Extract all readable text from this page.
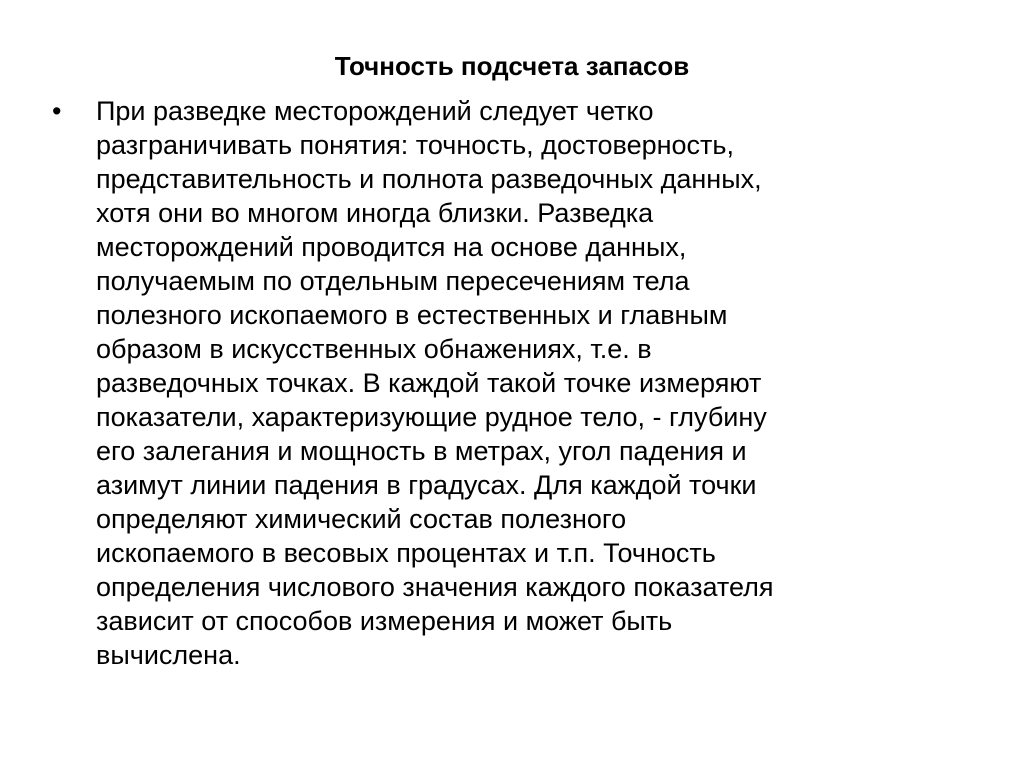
Точность подсчета запасов
• При разведке месторождений следует четко
разграничивать понятия: точность, достоверность,
представительность и полнота разведочных данных,
хотя они во многом иногда близки. Разведка
месторождений проводится на основе данных,
получаемым по отдельным пересечениям тела
полезного ископаемого в естественных и главным
образом в искусственных обнажениях, т.е. в
разведочных точках. В каждой такой точке измеряют
показатели, характеризующие рудное тело, - глубину
его залегания и мощность в метрах, угол падения и
азимут линии падения в градусах. Для каждой точки
определяют химический состав полезного
ископаемого в весовых процентах и т.п. Точность
определения числового значения каждого показателя
зависит от способов измерения и может быть
вычислена.
